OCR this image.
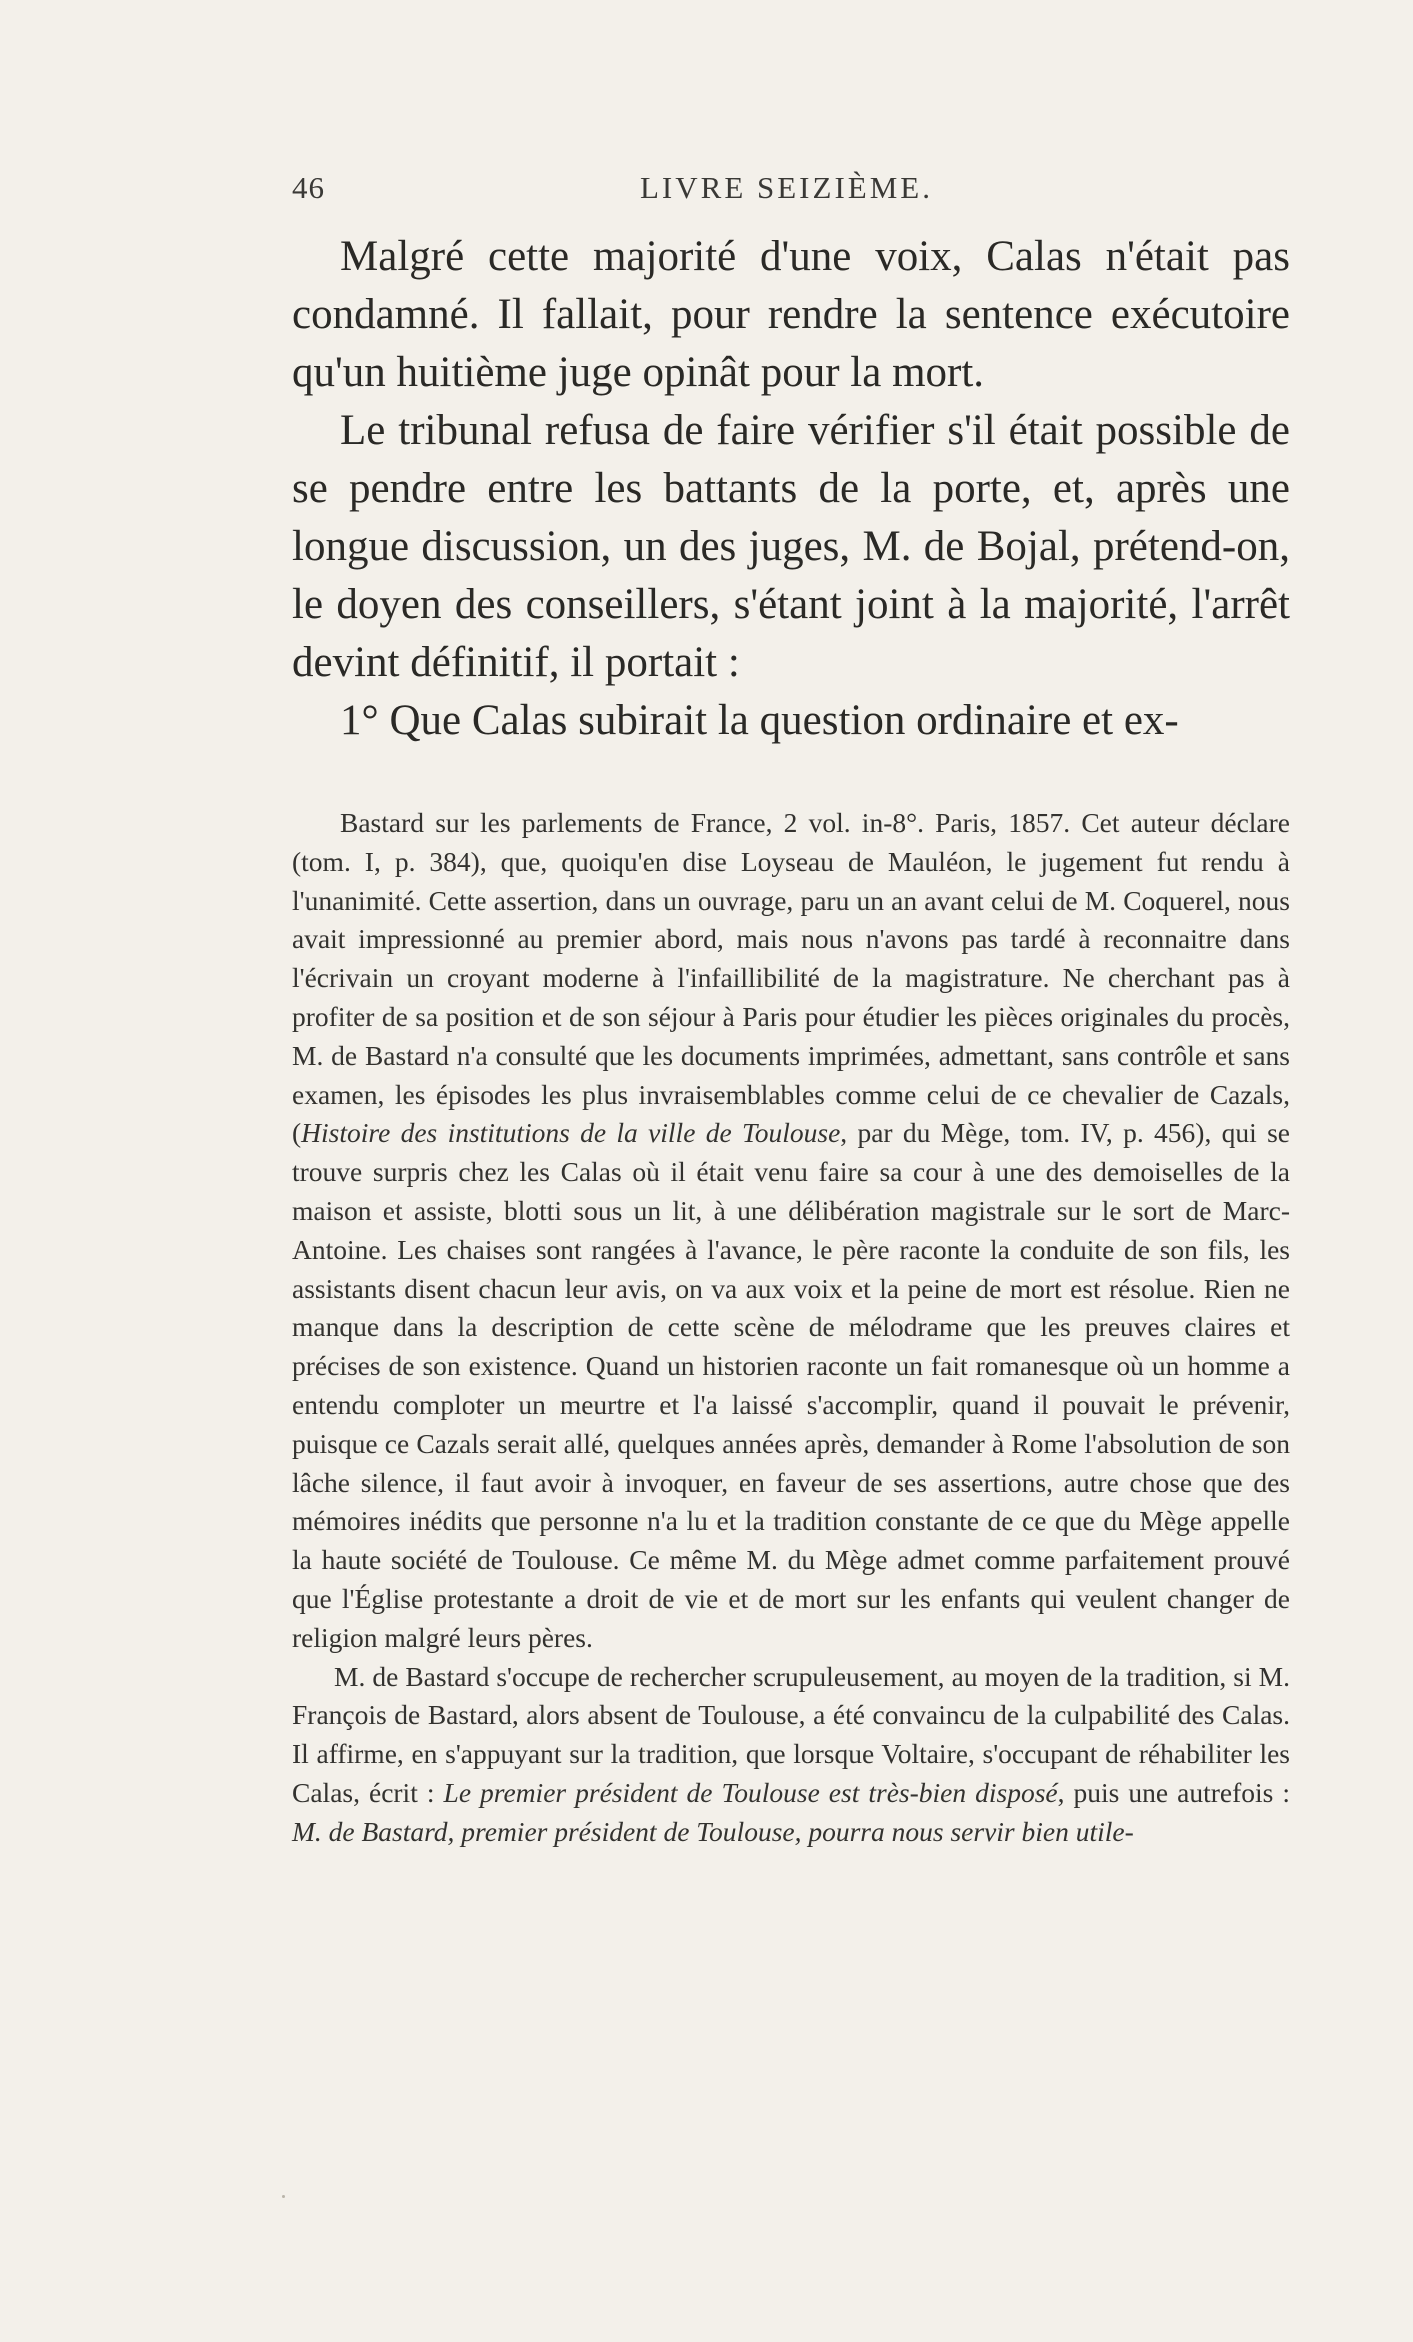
46	LIVRE SEIZIÈME.

Malgré cette majorité d'une voix, Calas n'était pas condamné. Il fallait, pour rendre la sentence exécutoire qu'un huitième juge opinât pour la mort.

Le tribunal refusa de faire vérifier s'il était possible de se pendre entre les battants de la porte, et, après une longue discussion, un des juges, M. de Bojal, prétend-on, le doyen des conseillers, s'étant joint à la majorité, l'arrêt devint définitif, il portait :

1° Que Calas subirait la question ordinaire et ex-

Bastard sur les parlements de France, 2 vol. in-8°. Paris, 1857. Cet auteur déclare (tom. I, p. 384), que, quoiqu'en dise Loyseau de Mauléon, le jugement fut rendu à l'unanimité. Cette assertion, dans un ouvrage, paru un an avant celui de M. Coquerel, nous avait impressionné au premier abord, mais nous n'avons pas tardé à reconnaitre dans l'écrivain un croyant moderne à l'infaillibilité de la magistrature. Ne cherchant pas à profiter de sa position et de son séjour à Paris pour étudier les pièces originales du procès, M. de Bastard n'a consulté que les documents imprimées, admettant, sans contrôle et sans examen, les épisodes les plus invraisemblables comme celui de ce chevalier de Cazals, (Histoire des institutions de la ville de Toulouse, par du Mège, tom. IV, p. 456), qui se trouve surpris chez les Calas où il était venu faire sa cour à une des demoiselles de la maison et assiste, blotti sous un lit, à une délibération magistrale sur le sort de Marc-Antoine. Les chaises sont rangées à l'avance, le père raconte la conduite de son fils, les assistants disent chacun leur avis, on va aux voix et la peine de mort est résolue. Rien ne manque dans la description de cette scène de mélodrame que les preuves claires et précises de son existence. Quand un historien raconte un fait romanesque où un homme a entendu comploter un meurtre et l'a laissé s'accomplir, quand il pouvait le prévenir, puisque ce Cazals serait allé, quelques années après, demander à Rome l'absolution de son lâche silence, il faut avoir à invoquer, en faveur de ses assertions, autre chose que des mémoires inédits que personne n'a lu et la tradition constante de ce que du Mège appelle la haute société de Toulouse. Ce même M. du Mège admet comme parfaitement prouvé que l'Église protestante a droit de vie et de mort sur les enfants qui veulent changer de religion malgré leurs pères.

M. de Bastard s'occupe de rechercher scrupuleusement, au moyen de la tradition, si M. François de Bastard, alors absent de Toulouse, a été convaincu de la culpabilité des Calas. Il affirme, en s'appuyant sur la tradition, que lorsque Voltaire, s'occupant de réhabiliter les Calas, écrit : Le premier président de Toulouse est très-bien disposé, puis une autrefois : M. de Bastard, premier président de Toulouse, pourra nous servir bien utile-
